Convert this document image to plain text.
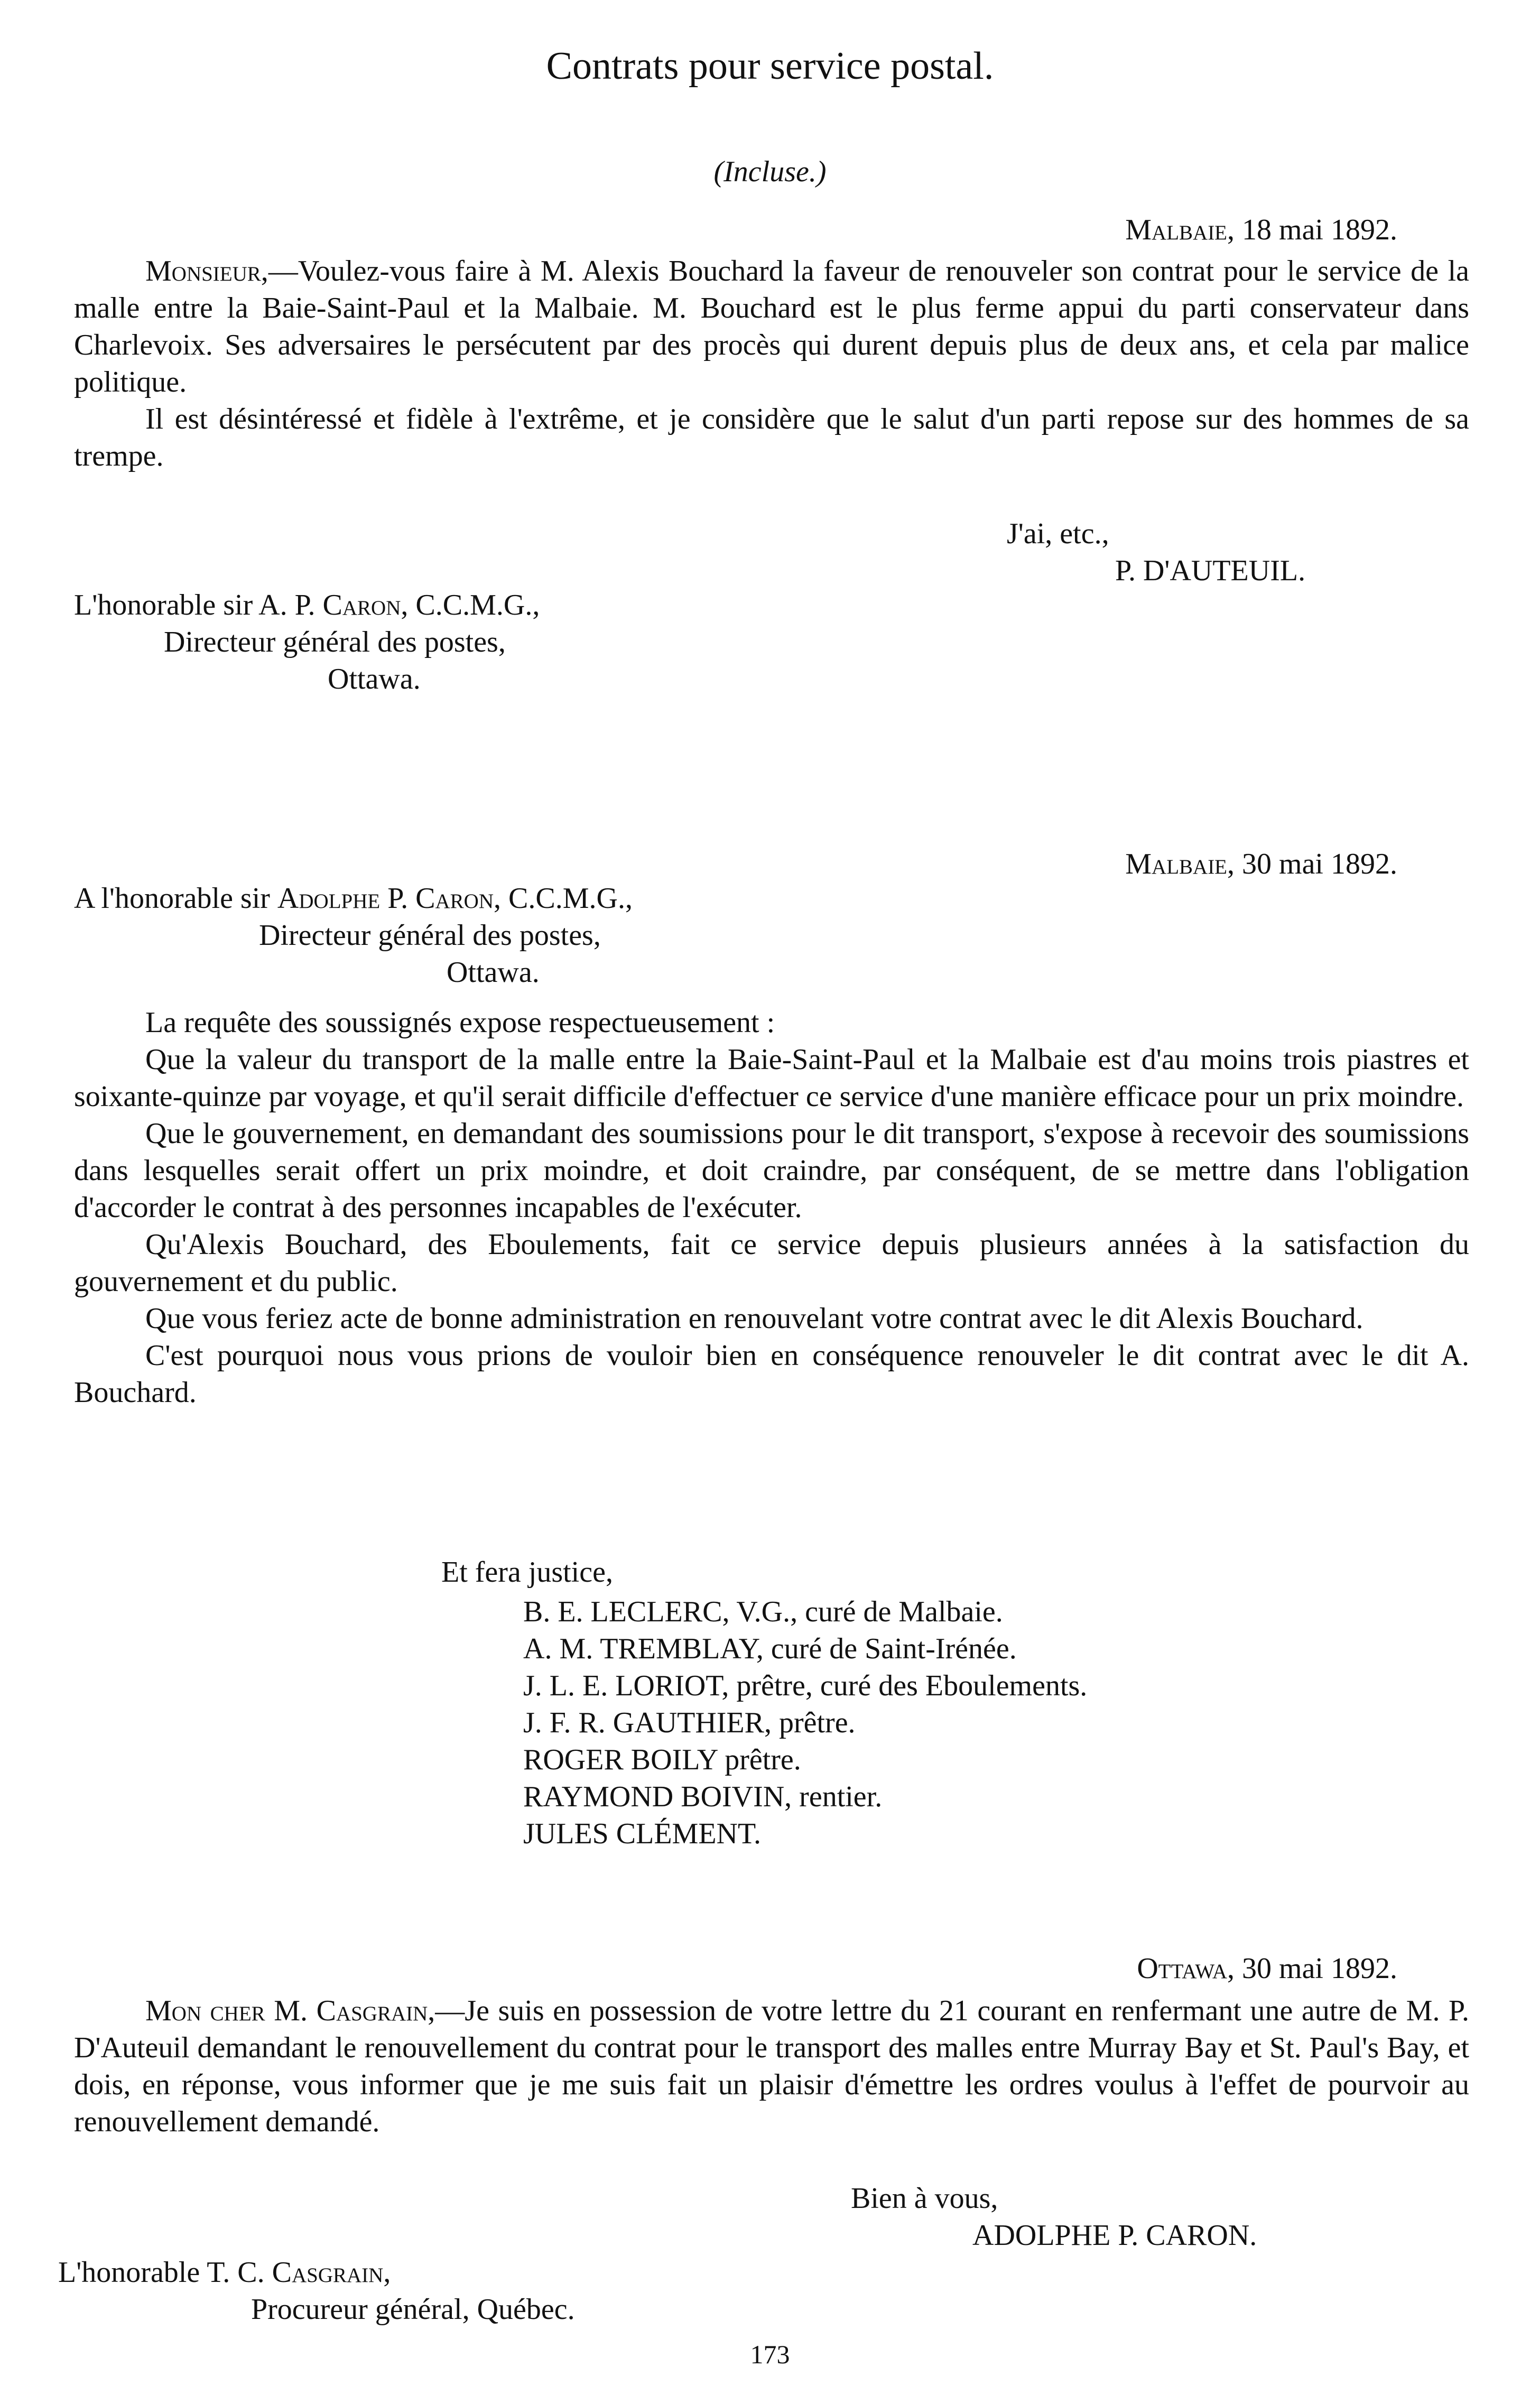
Contrats pour service postal.
(Incluse.)
Malbaie, 18 mai 1892.

Monsieur,—Voulez-vous faire à M. Alexis Bouchard la faveur de renouveler son contrat pour le service de la malle entre la Baie-Saint-Paul et la Malbaie. M. Bouchard est le plus ferme appui du parti conservateur dans Charlevoix. Ses adversaires le persécutent par des procès qui durent depuis plus de deux ans, et cela par malice politique.

Il est désintéressé et fidèle à l'extrême, et je considère que le salut d'un parti repose sur des hommes de sa trempe.

J'ai, etc.,
P. D'AUTEUIL.
L'honorable sir A. P. Caron, C.C.M.G.,
Directeur général des postes,
Ottawa.
Malbaie, 30 mai 1892.
A l'honorable sir Adolphe P. Caron, C.C.M.G.,
Directeur général des postes,
Ottawa.

La requête des soussignés expose respectueusement :

Que la valeur du transport de la malle entre la Baie-Saint-Paul et la Malbaie est d'au moins trois piastres et soixante-quinze par voyage, et qu'il serait difficile d'effectuer ce service d'une manière efficace pour un prix moindre.

Que le gouvernement, en demandant des soumissions pour le dit transport, s'expose à recevoir des soumissions dans lesquelles serait offert un prix moindre, et doit craindre, par conséquent, de se mettre dans l'obligation d'accorder le contrat à des personnes incapables de l'exécuter.

Qu'Alexis Bouchard, des Eboulements, fait ce service depuis plusieurs années à la satisfaction du gouvernement et du public.

Que vous feriez acte de bonne administration en renouvelant votre contrat avec le dit Alexis Bouchard.

C'est pourquoi nous vous prions de vouloir bien en conséquence renouveler le dit contrat avec le dit A. Bouchard.

Et fera justice,
B. E. LECLERC, V.G., curé de Malbaie.
A. M. TREMBLAY, curé de Saint-Irénée.
J. L. E. LORIOT, prêtre, curé des Eboulements.
J. F. R. GAUTHIER, prêtre.
ROGER BOILY prêtre.
RAYMOND BOIVIN, rentier.
JULES CLÉMENT.
Ottawa, 30 mai 1892.

Mon cher M. Casgrain,—Je suis en possession de votre lettre du 21 courant en renfermant une autre de M. P. D'Auteuil demandant le renouvellement du contrat pour le transport des malles entre Murray Bay et St. Paul's Bay, et dois, en réponse, vous informer que je me suis fait un plaisir d'émettre les ordres voulus à l'effet de pourvoir au renouvellement demandé.

Bien à vous,
ADOLPHE P. CARON.
L'honorable T. C. Casgrain,
Procureur général, Québec.
173
